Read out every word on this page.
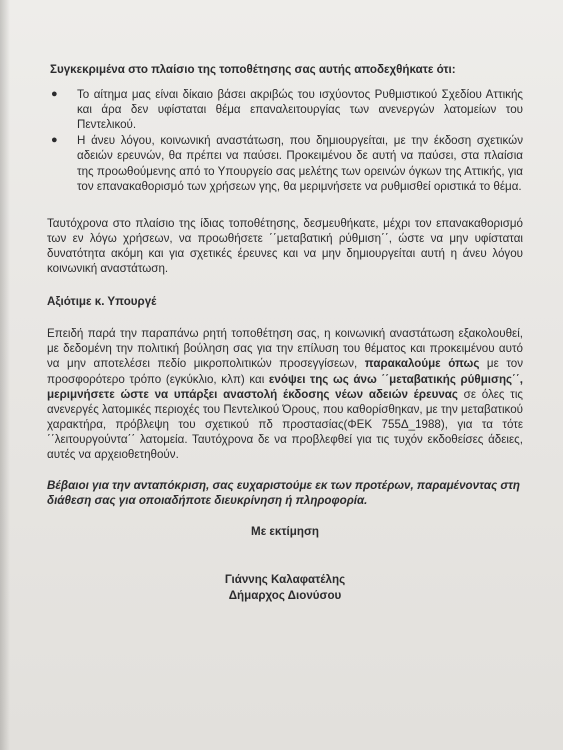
Συγκεκριμένα στο πλαίσιο της τοποθέτησης σας αυτής αποδεχθήκατε ότι:

● Το αίτημα μας είναι δίκαιο βάσει ακριβώς του ισχύοντος Ρυθμιστικού Σχεδίου Αττικής και άρα δεν υφίσταται θέμα επαναλειτουργίας των ανενεργών λατομείων του Πεντελικού.
● Η άνευ λόγου, κοινωνική αναστάτωση, που δημιουργείται, με την έκδοση σχετικών αδειών ερευνών, θα πρέπει να παύσει. Προκειμένου δε αυτή να παύσει, στα πλαίσια της προωθούμενης από το Υπουργείο σας μελέτης των ορεινών όγκων της Αττικής, για τον επανακαθορισμό των χρήσεων γης, θα μεριμνήσετε να ρυθμισθεί οριστικά το θέμα.

Ταυτόχρονα στο πλαίσιο της ίδιας τοποθέτησης, δεσμευθήκατε, μέχρι τον επανακαθορισμό των εν λόγω χρήσεων, να προωθήσετε ΄΄μεταβατική ρύθμιση΄΄, ώστε να μην υφίσταται δυνατότητα ακόμη και για σχετικές έρευνες και να μην δημιουργείται αυτή η άνευ λόγου κοινωνική αναστάτωση.

Αξιότιμε κ. Υπουργέ

Επειδή παρά την παραπάνω ρητή τοποθέτηση σας, η κοινωνική αναστάτωση εξακολουθεί, με δεδομένη την πολιτική βούληση σας για την επίλυση του θέματος και προκειμένου αυτό να μην αποτελέσει πεδίο μικροπολιτικών προσεγγίσεων, παρακαλούμε όπως με τον προσφορότερο τρόπο (εγκύκλιο, κλπ) και ενόψει της ως άνω ΄΄μεταβατικής ρύθμισης΄΄, μεριμνήσετε ώστε να υπάρξει αναστολή έκδοσης νέων αδειών έρευνας σε όλες τις ανενεργές λατομικές περιοχές του Πεντελικού Όρους, που καθορίσθηκαν, με την μεταβατικού χαρακτήρα, πρόβλεψη του σχετικού πδ προστασίας(ΦΕΚ 755Δ_1988), για τα τότε ΄΄λειτουργούντα΄΄ λατομεία. Ταυτόχρονα δε να προβλεφθεί για τις τυχόν εκδοθείσες άδειες, αυτές να αρχειοθετηθούν.

Βέβαιοι για την ανταπόκριση, σας ευχαριστούμε εκ των προτέρων, παραμένοντας στη διάθεση σας για οποιαδήποτε διευκρίνηση ή πληροφορία.

Με εκτίμηση

Γιάννης Καλαφατέλης
Δήμαρχος Διονύσου
